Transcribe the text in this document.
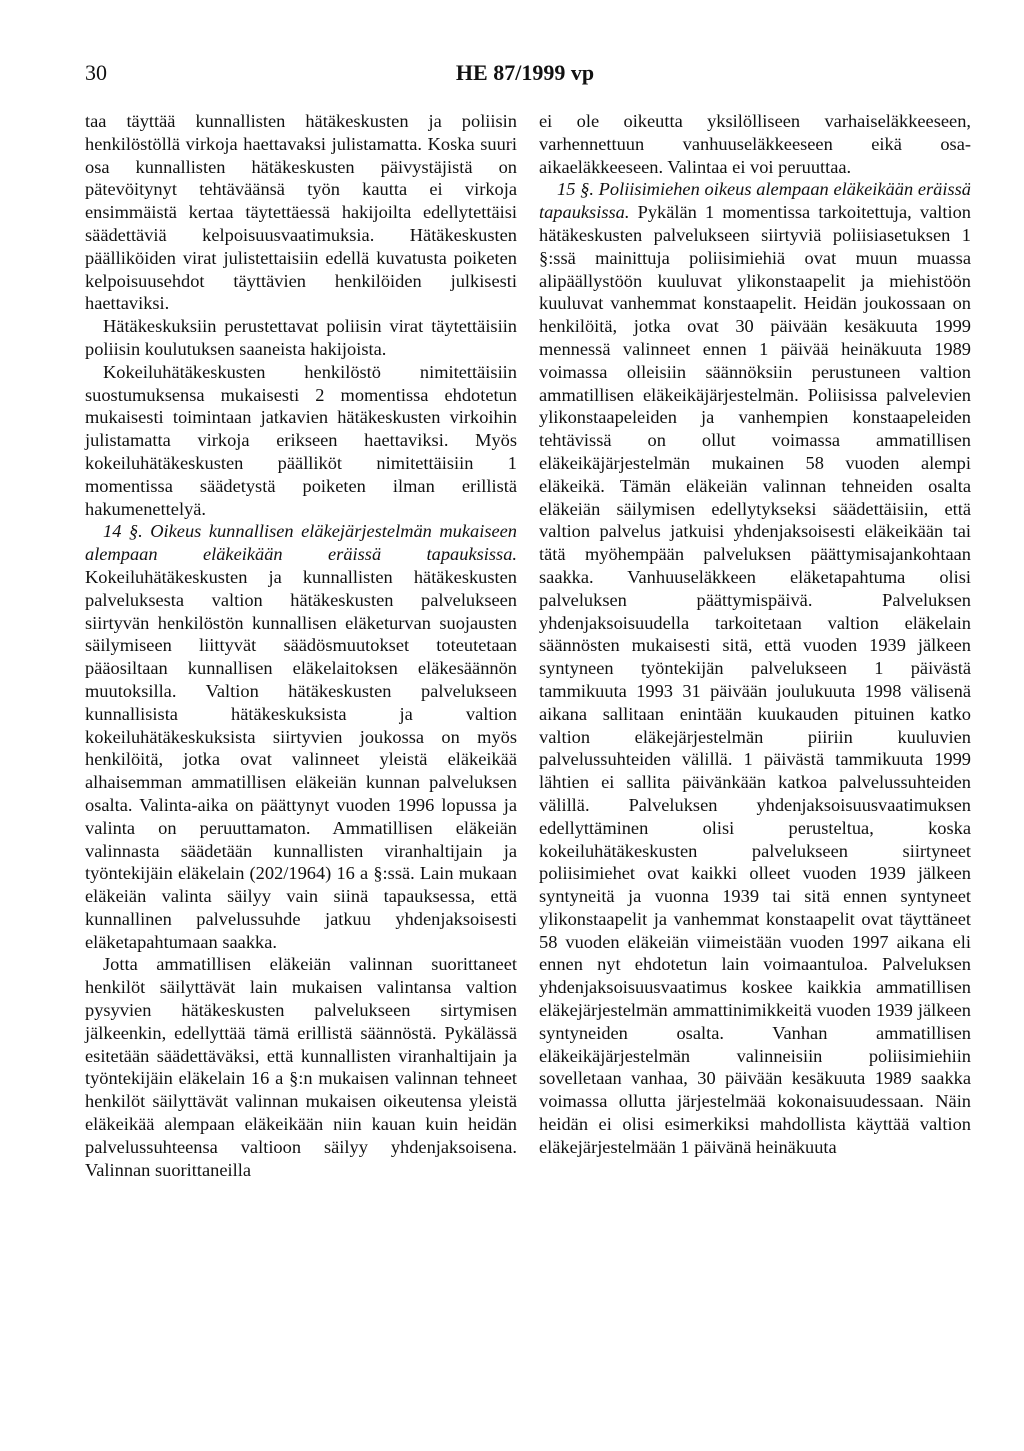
30	HE 87/1999 vp

taa täyttää kunnallisten hätäkeskusten ja poliisin henkilöstöllä virkoja haettavaksi julistamatta. Koska suuri osa kunnallisten hätäkeskusten päivystäjistä on pätevöitynyt tehtäväänsä työn kautta ei virkoja ensimmäistä kertaa täytettäessä hakijoilta edellytettäisi säädettäviä kelpoisuusvaatimuksia. Hätäkeskusten päälliköiden virat julistettaisiin edellä kuvatusta poiketen kelpoisuusehdot täyttävien henkilöiden julkisesti haettaviksi.

Hätäkeskuksiin perustettavat poliisin virat täytettäisiin poliisin koulutuksen saaneista hakijoista.

Kokeiluhätäkeskusten henkilöstö nimitettäisiin suostumuksensa mukaisesti 2 momentissa ehdotetun mukaisesti toimintaan jatkavien hätäkeskusten virkoihin julistamatta virkoja erikseen haettaviksi. Myös kokeiluhätäkeskusten päälliköt nimitettäisiin 1 momentissa säädetystä poiketen ilman erillistä hakumenettelyä.

14 §. Oikeus kunnallisen eläkejärjestelmän mukaiseen alempaan eläkeikään eräissä tapauksissa. Kokeiluhätäkeskusten ja kunnallisten hätäkeskusten palveluksesta valtion hätäkeskusten palvelukseen siirtyvän henkilöstön kunnallisen eläketurvan suojausten säilymiseen liittyvät säädösmuutokset toteutetaan pääosiltaan kunnallisen eläkelaitoksen eläkesäännön muutoksilla. Valtion hätäkeskusten palvelukseen kunnallisista hätäkeskuksista ja valtion kokeiluhätäkeskuksista siirtyvien joukossa on myös henkilöitä, jotka ovat valinneet yleistä eläkeikää alhaisemman ammatillisen eläkeiän kunnan palveluksen osalta. Valinta-aika on päättynyt vuoden 1996 lopussa ja valinta on peruuttamaton. Ammatillisen eläkeiän valinnasta säädetään kunnallisten viranhaltijain ja työntekijäin eläkelain (202/1964) 16 a §:ssä. Lain mukaan eläkeiän valinta säilyy vain siinä tapauksessa, että kunnallinen palvelussuhde jatkuu yhdenjaksoisesti eläketapahtumaan saakka.

Jotta ammatillisen eläkeiän valinnan suorittaneet henkilöt säilyttävät lain mukaisen valintansa valtion pysyvien hätäkeskusten palvelukseen sirtymisen jälkeenkin, edellyttää tämä erillistä säännöstä. Pykälässä esitetään säädettäväksi, että kunnallisten viranhaltijain ja työntekijäin eläkelain 16 a §:n mukaisen valinnan tehneet henkilöt säilyttävät valinnan mukaisen oikeutensa yleistä eläkeikää alempaan eläkeikään niin kauan kuin heidän palvelussuhteensa valtioon säilyy yhdenjaksoisena. Valinnan suorittaneilla

ei ole oikeutta yksilölliseen varhaiseläkkeeseen, varhennettuun vanhuuseläkkeeseen eikä osa-aikaeläkkeeseen. Valintaa ei voi peruuttaa.

15 §. Poliisimiehen oikeus alempaan eläkeikään eräissä tapauksissa. Pykälän 1 momentissa tarkoitettuja, valtion hätäkeskusten palvelukseen siirtyviä poliisiasetuksen 1 §:ssä mainittuja poliisimiehiä ovat muun muassa alipäällystöön kuuluvat ylikonstaapelit ja miehistöön kuuluvat vanhemmat konstaapelit. Heidän joukossaan on henkilöitä, jotka ovat 30 päivään kesäkuuta 1999 mennessä valinneet ennen 1 päivää heinäkuuta 1989 voimassa olleisiin säännöksiin perustuneen valtion ammatillisen eläkeikäjärjestelmän. Poliisissa palvelevien ylikonstaapeleiden ja vanhempien konstaapeleiden tehtävissä on ollut voimassa ammatillisen eläkeikäjärjestelmän mukainen 58 vuoden alempi eläkeikä. Tämän eläkeiän valinnan tehneiden osalta eläkeiän säilymisen edellytykseksi säädettäisiin, että valtion palvelus jatkuisi yhdenjaksoisesti eläkeikään tai tätä myöhempään palveluksen päättymisajankohtaan saakka. Vanhuuseläkkeen eläketapahtuma olisi palveluksen päättymispäivä. Palveluksen yhdenjaksoisuudella tarkoitetaan valtion eläkelain säännösten mukaisesti sitä, että vuoden 1939 jälkeen syntyneen työntekijän palvelukseen 1 päivästä tammikuuta 1993 31 päivään joulukuuta 1998 välisenä aikana sallitaan enintään kuukauden pituinen katko valtion eläkejärjestelmän piiriin kuuluvien palvelussuhteiden välillä. 1 päivästä tammikuuta 1999 lähtien ei sallita päivänkään katkoa palvelussuhteiden välillä. Palveluksen yhdenjaksoisuusvaatimuksen edellyttäminen olisi perusteltua, koska kokeiluhätäkeskusten palvelukseen siirtyneet poliisimiehet ovat kaikki olleet vuoden 1939 jälkeen syntyneitä ja vuonna 1939 tai sitä ennen syntyneet ylikonstaapelit ja vanhemmat konstaapelit ovat täyttäneet 58 vuoden eläkeiän viimeistään vuoden 1997 aikana eli ennen nyt ehdotetun lain voimaantuloa. Palveluksen yhdenjaksoisuusvaatimus koskee kaikkia ammatillisen eläkejärjestelmän ammattinimikkeitä vuoden 1939 jälkeen syntyneiden osalta. Vanhan ammatillisen eläkeikäjärjestelmän valinneisiin poliisimiehiin sovelletaan vanhaa, 30 päivään kesäkuuta 1989 saakka voimassa ollutta järjestelmää kokonaisuudessaan. Näin heidän ei olisi esimerkiksi mahdollista käyttää valtion eläkejärjestelmään 1 päivänä heinäkuuta
